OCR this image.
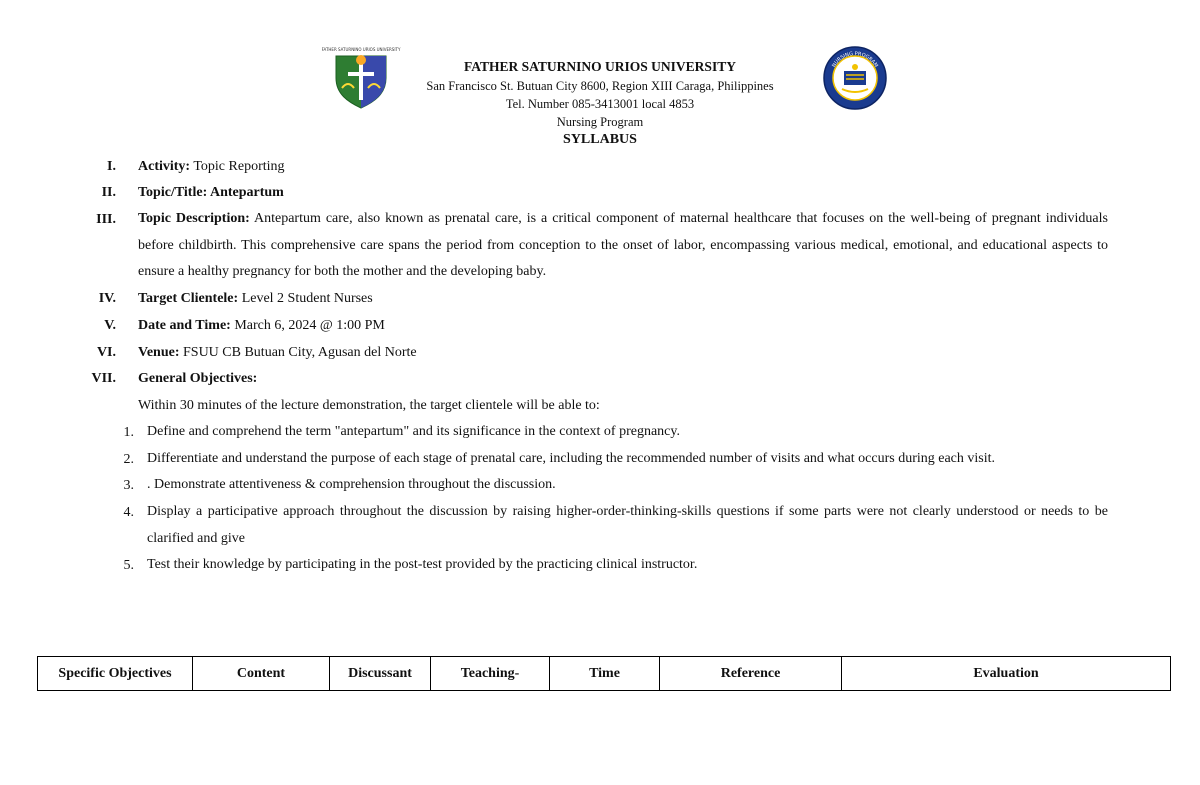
FATHER SATURNINO URIOS UNIVERSITY
FATHER SATURNINO URIOS UNIVERSITY
San Francisco St. Butuan City 8600, Region XIII Caraga, Philippines
Tel. Number 085-3413001 local 4853
Nursing Program
SYLLABUS
NURSING PROGRAM
I. Activity: Topic Reporting
II. Topic/Title: Antepartum
III. Topic Description: Antepartum care, also known as prenatal care, is a critical component of maternal healthcare that focuses on the well-being of pregnant individuals before childbirth. This comprehensive care spans the period from conception to the onset of labor, encompassing various medical, emotional, and educational aspects to ensure a healthy pregnancy for both the mother and the developing baby.
IV. Target Clientele: Level 2 Student Nurses
V. Date and Time: March 6, 2024 @ 1:00 PM
VI. Venue: FSUU CB Butuan City, Agusan del Norte
VII. General Objectives:
Within 30 minutes of the lecture demonstration, the target clientele will be able to:
1. Define and comprehend the term "antepartum" and its significance in the context of pregnancy.
2. Differentiate and understand the purpose of each stage of prenatal care, including the recommended number of visits and what occurs during each visit.
3. . Demonstrate attentiveness & comprehension throughout the discussion.
4. Display a participative approach throughout the discussion by raising higher-order-thinking-skills questions if some parts were not clearly understood or needs to be clarified and give
5. Test their knowledge by participating in the post-test provided by the practicing clinical instructor.
Specific Objectives	Content	Discussant	Teaching-	Time	Reference	Evaluation
